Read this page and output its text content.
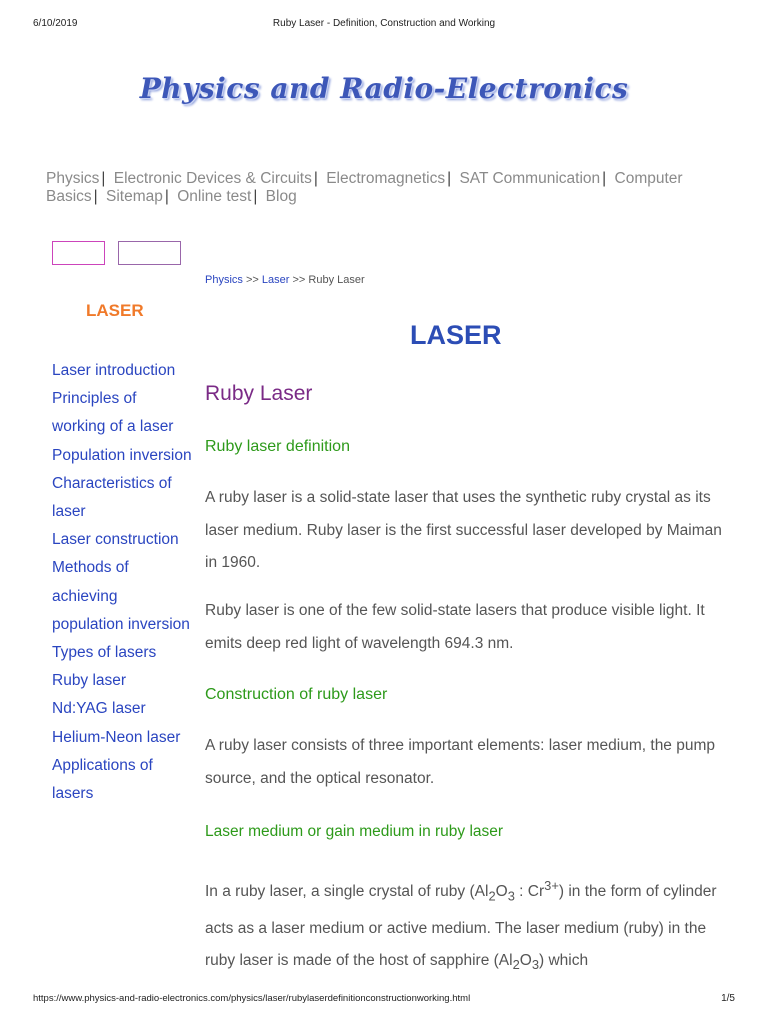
6/10/2019	Ruby Laser - Definition, Construction and Working
Physics and Radio-Electronics
Physics | Electronic Devices & Circuits | Electromagnetics | SAT Communication | Computer Basics | Sitemap | Online test | Blog
Physics >> Laser >> Ruby Laser
LASER
Laser introduction
Principles of working of a laser
Population inversion
Characteristics of laser
Laser construction
Methods of achieving population inversion
Types of lasers
Ruby laser
Nd:YAG laser
Helium-Neon laser
Applications of lasers
LASER
Ruby Laser
Ruby laser definition
A ruby laser is a solid-state laser that uses the synthetic ruby crystal as its laser medium. Ruby laser is the first successful laser developed by Maiman in 1960.
Ruby laser is one of the few solid-state lasers that produce visible light. It emits deep red light of wavelength 694.3 nm.
Construction of ruby laser
A ruby laser consists of three important elements: laser medium, the pump source, and the optical resonator.
Laser medium or gain medium in ruby laser
In a ruby laser, a single crystal of ruby ($Al_2O_3$ : $Cr^{3+}$) in the form of cylinder acts as a laser medium or active medium. The laser medium (ruby) in the ruby laser is made of the host of sapphire $(Al_2O_3)$ which
https://www.physics-and-radio-electronics.com/physics/laser/rubylaserdefinitionconstructionworking.html	1/5
